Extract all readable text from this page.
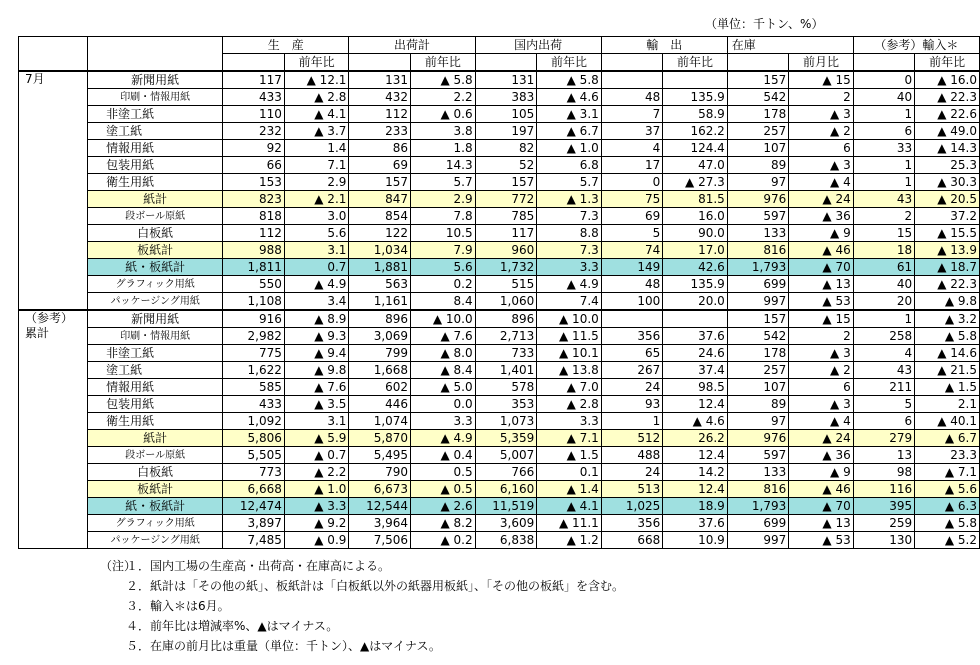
（単位：千トン、%）
		生　産		出荷計		国内出荷		輸　出		在庫		（参考）輸入＊	
			前年比		前年比		前年比		前年比		前月比		前年比
7月	新聞用紙	117	▲ 12.1	131	▲ 5.8	131	▲ 5.8			157	▲ 15	0	▲ 16.0
	印刷・情報用紙	433	▲ 2.8	432	2.2	383	▲ 4.6	48	135.9	542	2	40	▲ 22.3
	非塗工紙	110	▲ 4.1	112	▲ 0.6	105	▲ 3.1	7	58.9	178	▲ 3	1	▲ 22.6
	塗工紙	232	▲ 3.7	233	3.8	197	▲ 6.7	37	162.2	257	▲ 2	6	▲ 49.0
	情報用紙	92	1.4	86	1.8	82	▲ 1.0	4	124.4	107	6	33	▲ 14.3
	包装用紙	66	7.1	69	14.3	52	6.8	17	47.0	89	▲ 3	1	25.3
	衛生用紙	153	2.9	157	5.7	157	5.7	0	▲ 27.3	97	▲ 4	1	▲ 30.3
	紙計	823	▲ 2.1	847	2.9	772	▲ 1.3	75	81.5	976	▲ 24	43	▲ 20.5
	段ボール原紙	818	3.0	854	7.8	785	7.3	69	16.0	597	▲ 36	2	37.2
	白板紙	112	5.6	122	10.5	117	8.8	5	90.0	133	▲ 9	15	▲ 15.5
	板紙計	988	3.1	1,034	7.9	960	7.3	74	17.0	816	▲ 46	18	▲ 13.9
	紙・板紙計	1,811	0.7	1,881	5.6	1,732	3.3	149	42.6	1,793	▲ 70	61	▲ 18.7
	グラフィック用紙	550	▲ 4.9	563	0.2	515	▲ 4.9	48	135.9	699	▲ 13	40	▲ 22.3
	パッケージング用紙	1,108	3.4	1,161	8.4	1,060	7.4	100	20.0	997	▲ 53	20	▲ 9.8
（参考）
累計	新聞用紙	916	▲ 8.9	896	▲ 10.0	896	▲ 10.0			157	▲ 15	1	▲ 3.2
	印刷・情報用紙	2,982	▲ 9.3	3,069	▲ 7.6	2,713	▲ 11.5	356	37.6	542	2	258	▲ 5.8
	非塗工紙	775	▲ 9.4	799	▲ 8.0	733	▲ 10.1	65	24.6	178	▲ 3	4	▲ 14.6
	塗工紙	1,622	▲ 9.8	1,668	▲ 8.4	1,401	▲ 13.8	267	37.4	257	▲ 2	43	▲ 21.5
	情報用紙	585	▲ 7.6	602	▲ 5.0	578	▲ 7.0	24	98.5	107	6	211	▲ 1.5
	包装用紙	433	▲ 3.5	446	0.0	353	▲ 2.8	93	12.4	89	▲ 3	5	2.1
	衛生用紙	1,092	3.1	1,074	3.3	1,073	3.3	1	▲ 4.6	97	▲ 4	6	▲ 40.1
	紙計	5,806	▲ 5.9	5,870	▲ 4.9	5,359	▲ 7.1	512	26.2	976	▲ 24	279	▲ 6.7
	段ボール原紙	5,505	▲ 0.7	5,495	▲ 0.4	5,007	▲ 1.5	488	12.4	597	▲ 36	13	23.3
	白板紙	773	▲ 2.2	790	0.5	766	0.1	24	14.2	133	▲ 9	98	▲ 7.1
	板紙計	6,668	▲ 1.0	6,673	▲ 0.5	6,160	▲ 1.4	513	12.4	816	▲ 46	116	▲ 5.6
	紙・板紙計	12,474	▲ 3.3	12,544	▲ 2.6	11,519	▲ 4.1	1,025	18.9	1,793	▲ 70	395	▲ 6.3
	グラフィック用紙	3,897	▲ 9.2	3,964	▲ 8.2	3,609	▲ 11.1	356	37.6	699	▲ 13	259	▲ 5.8
	パッケージング用紙	7,485	▲ 0.9	7,506	▲ 0.2	6,838	▲ 1.2	668	10.9	997	▲ 53	130	▲ 5.2
（注）１．国内工場の生産高・出荷高・在庫高による。
２．紙計は「その他の紙」、板紙計は「白板紙以外の紙器用板紙」、「その他の板紙」を含む。
３．輸入＊は6月。
４．前年比は増減率%、▲はマイナス。
５．在庫の前月比は重量（単位：千トン）、▲はマイナス。
